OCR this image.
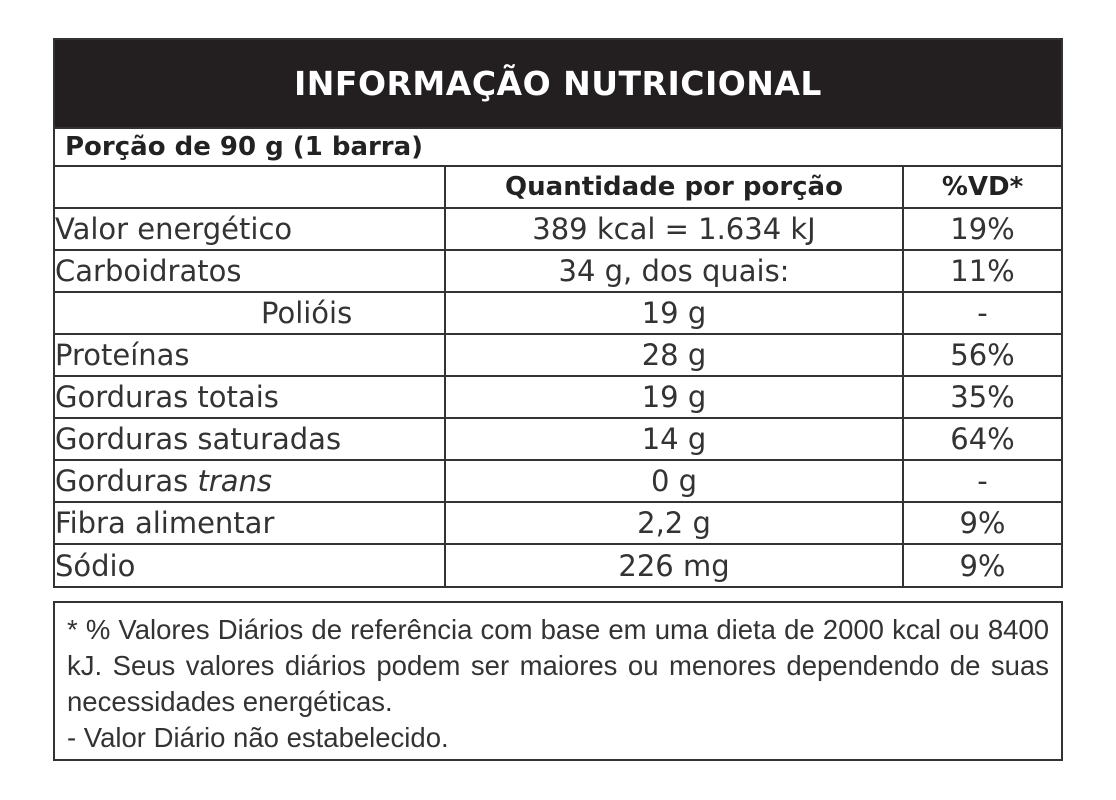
INFORMAÇÃO NUTRICIONAL
Porção de 90 g (1 barra)
	Quantidade por porção	%VD*
Valor energético	389 kcal = 1.634 kJ	19%
Carboidratos	34 g, dos quais:	11%
Polióis	19 g	-
Proteínas	28 g	56%
Gorduras totais	19 g	35%
Gorduras saturadas	14 g	64%
Gorduras trans	0 g	-
Fibra alimentar	2,2 g	9%
Sódio	226 mg	9%

* % Valores Diários de referência com base em uma dieta de 2000 kcal ou 8400 kJ. Seus valores diários podem ser maiores ou menores dependendo de suas necessidades energéticas.

- Valor Diário não estabelecido.
